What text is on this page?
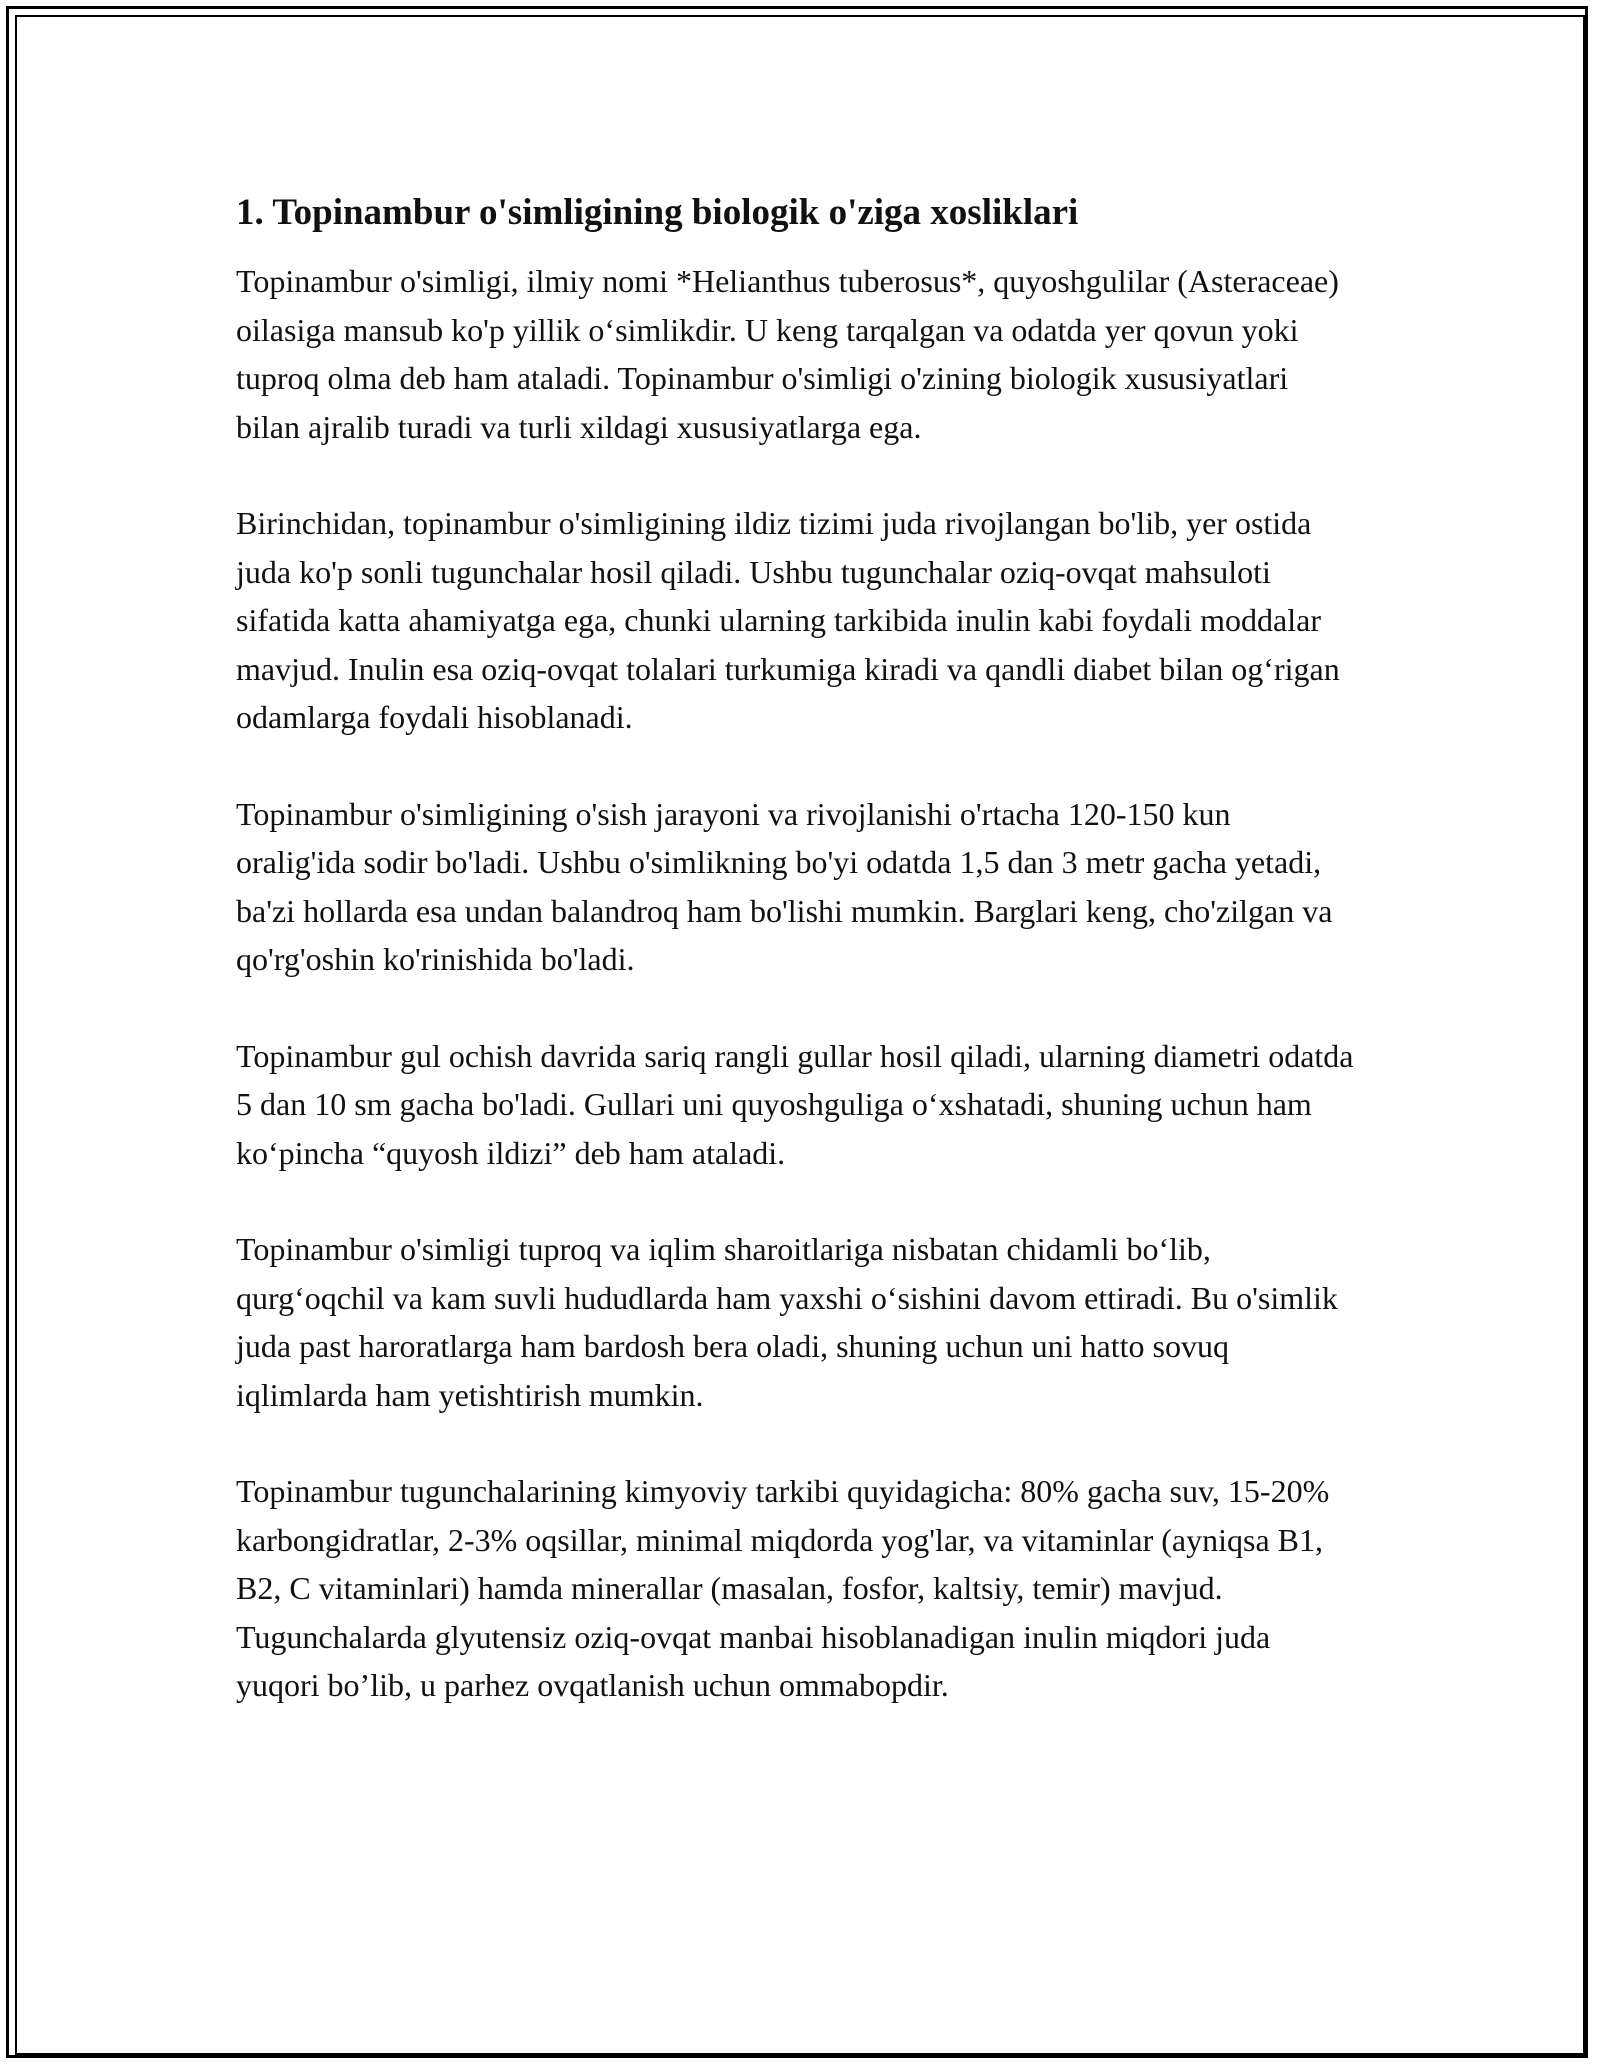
1. Topinambur o'simligining biologik o'ziga xosliklari

Topinambur o'simligi, ilmiy nomi *Helianthus tuberosus*, quyoshgulilar (Asteraceae) oilasiga mansub ko'p yillik o‘simlikdir. U keng tarqalgan va odatda yer qovun yoki tuproq olma deb ham ataladi. Topinambur o'simligi o'zining biologik xususiyatlari bilan ajralib turadi va turli xildagi xususiyatlarga ega.

Birinchidan, topinambur o'simligining ildiz tizimi juda rivojlangan bo'lib, yer ostida juda ko'p sonli tugunchalar hosil qiladi. Ushbu tugunchalar oziq-ovqat mahsuloti sifatida katta ahamiyatga ega, chunki ularning tarkibida inulin kabi foydali moddalar mavjud. Inulin esa oziq-ovqat tolalari turkumiga kiradi va qandli diabet bilan og‘rigan odamlarga foydali hisoblanadi.

Topinambur o'simligining o'sish jarayoni va rivojlanishi o'rtacha 120-150 kun oralig'ida sodir bo'ladi. Ushbu o'simlikning bo'yi odatda 1,5 dan 3 metr gacha yetadi, ba'zi hollarda esa undan balandroq ham bo'lishi mumkin. Barglari keng, cho'zilgan va qo'rg'oshin ko'rinishida bo'ladi.

Topinambur gul ochish davrida sariq rangli gullar hosil qiladi, ularning diametri odatda 5 dan 10 sm gacha bo'ladi. Gullari uni quyoshguliga o‘xshatadi, shuning uchun ham ko‘pincha “quyosh ildizi” deb ham ataladi.

Topinambur o'simligi tuproq va iqlim sharoitlariga nisbatan chidamli bo‘lib, qurg‘oqchil va kam suvli hududlarda ham yaxshi o‘sishini davom ettiradi. Bu o'simlik juda past haroratlarga ham bardosh bera oladi, shuning uchun uni hatto sovuq iqlimlarda ham yetishtirish mumkin.

Topinambur tugunchalarining kimyoviy tarkibi quyidagicha: 80% gacha suv, 15-20% karbongidratlar, 2-3% oqsillar, minimal miqdorda yog'lar, va vitaminlar (ayniqsa B1, B2, C vitaminlari) hamda minerallar (masalan, fosfor, kaltsiy, temir) mavjud. Tugunchalarda glyutensiz oziq-ovqat manbai hisoblanadigan inulin miqdori juda yuqori bo’lib, u parhez ovqatlanish uchun ommabopdir.
